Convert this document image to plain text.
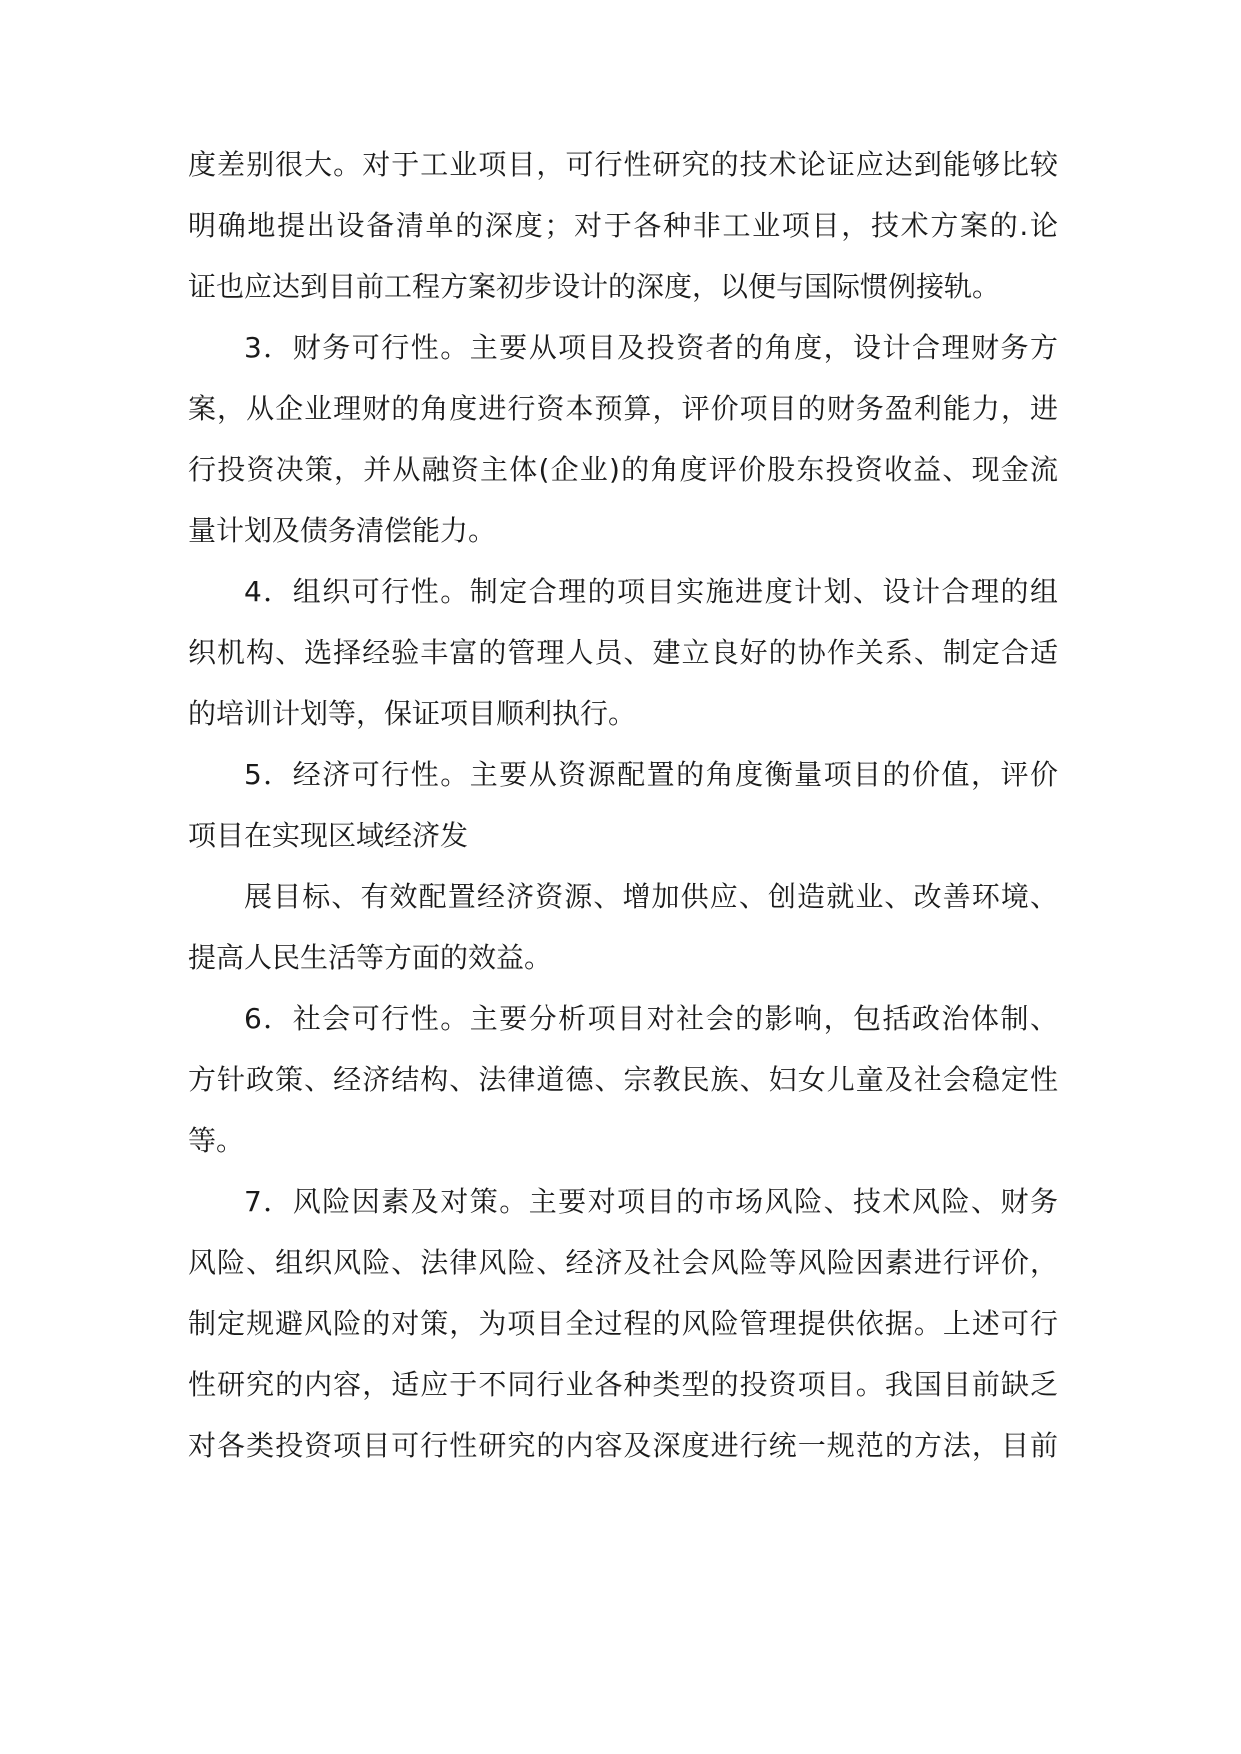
度差别很大。对于工业项目，可行性研究的技术论证应达到能够比较
明确地提出设备清单的深度；对于各种非工业项目，技术方案的.论
证也应达到目前工程方案初步设计的深度，以便与国际惯例接轨。
3．财务可行性。主要从项目及投资者的角度，设计合理财务方
案，从企业理财的角度进行资本预算，评价项目的财务盈利能力，进
行投资决策，并从融资主体(企业)的角度评价股东投资收益、现金流
量计划及债务清偿能力。
4．组织可行性。制定合理的项目实施进度计划、设计合理的组
织机构、选择经验丰富的管理人员、建立良好的协作关系、制定合适
的培训计划等，保证项目顺利执行。
5．经济可行性。主要从资源配置的角度衡量项目的价值，评价
项目在实现区域经济发
展目标、有效配置经济资源、增加供应、创造就业、改善环境、
提高人民生活等方面的效益。
6．社会可行性。主要分析项目对社会的影响，包括政治体制、
方针政策、经济结构、法律道德、宗教民族、妇女儿童及社会稳定性
等。
7．风险因素及对策。主要对项目的市场风险、技术风险、财务
风险、组织风险、法律风险、经济及社会风险等风险因素进行评价，
制定规避风险的对策，为项目全过程的风险管理提供依据。上述可行
性研究的内容，适应于不同行业各种类型的投资项目。我国目前缺乏
对各类投资项目可行性研究的内容及深度进行统一规范的方法，目前
